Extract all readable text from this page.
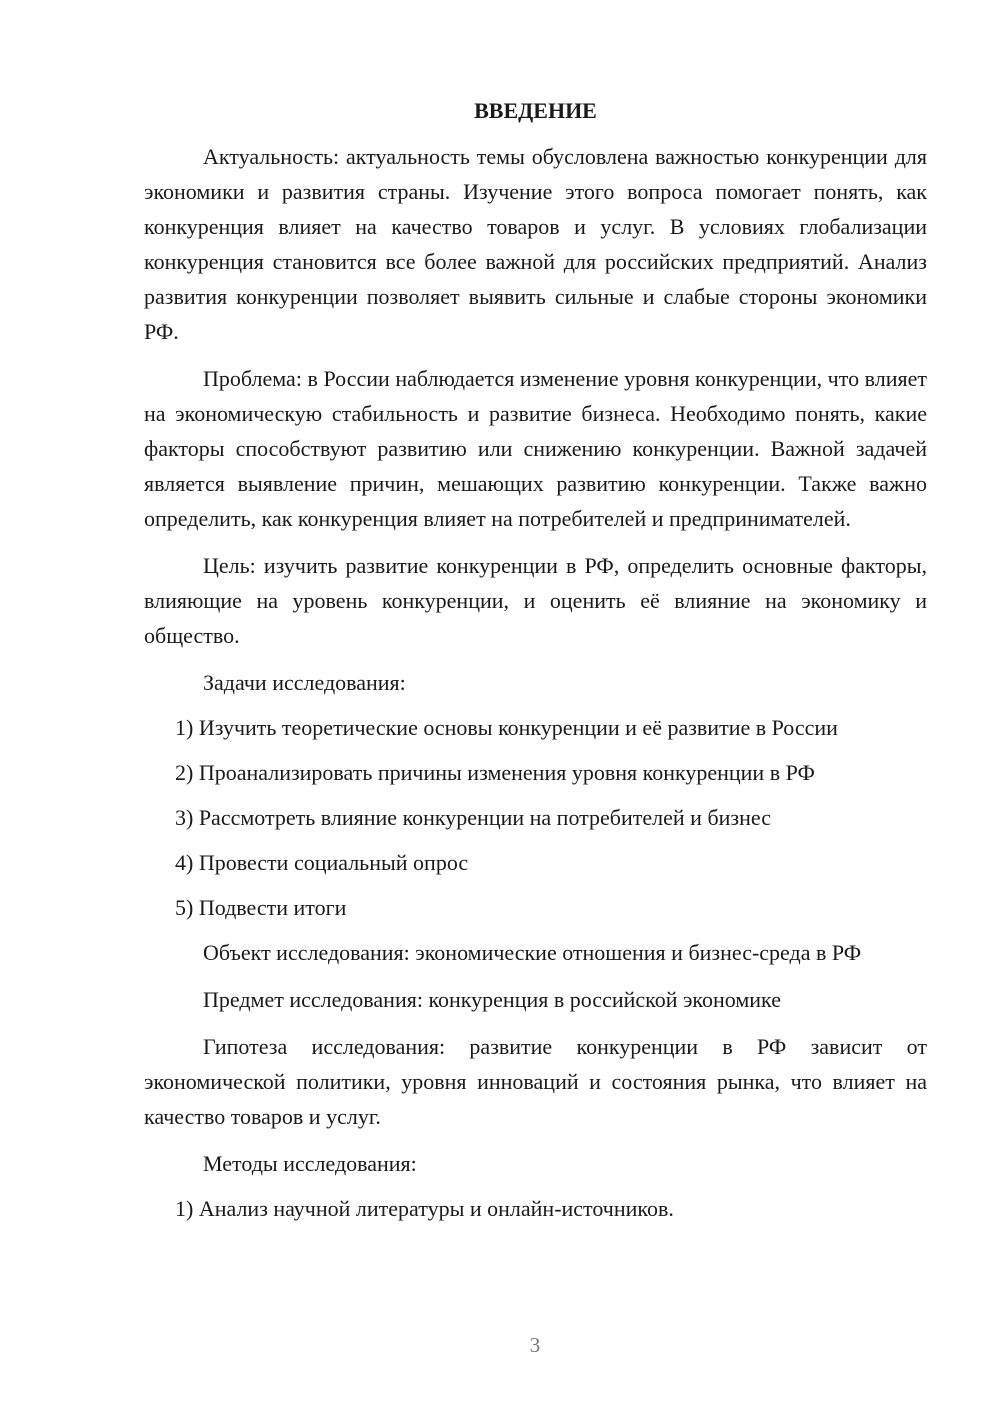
ВВЕДЕНИЕ

Актуальность: актуальность темы обусловлена важностью конкуренции для экономики и развития страны. Изучение этого вопроса помогает понять, как конкуренция влияет на качество товаров и услуг. В условиях глобализации конкуренция становится все более важной для российских предприятий. Анализ развития конкуренции позволяет выявить сильные и слабые стороны экономики РФ.

Проблема: в России наблюдается изменение уровня конкуренции, что влияет на экономическую стабильность и развитие бизнеса. Необходимо понять, какие факторы способствуют развитию или снижению конкуренции. Важной задачей является выявление причин, мешающих развитию конкуренции. Также важно определить, как конкуренция влияет на потребителей и предпринимателей.

Цель: изучить развитие конкуренции в РФ, определить основные факторы, влияющие на уровень конкуренции, и оценить её влияние на экономику и общество.

Задачи исследования:
1) Изучить теоретические основы конкуренции и её развитие в России
2) Проанализировать причины изменения уровня конкуренции в РФ
3) Рассмотреть влияние конкуренции на потребителей и бизнес
4) Провести социальный опрос
5) Подвести итоги

Объект исследования: экономические отношения и бизнес-среда в РФ

Предмет исследования: конкуренция в российской экономике

Гипотеза исследования: развитие конкуренции в РФ зависит от экономической политики, уровня инноваций и состояния рынка, что влияет на качество товаров и услуг.

Методы исследования:
1) Анализ научной литературы и онлайн-источников.
3
